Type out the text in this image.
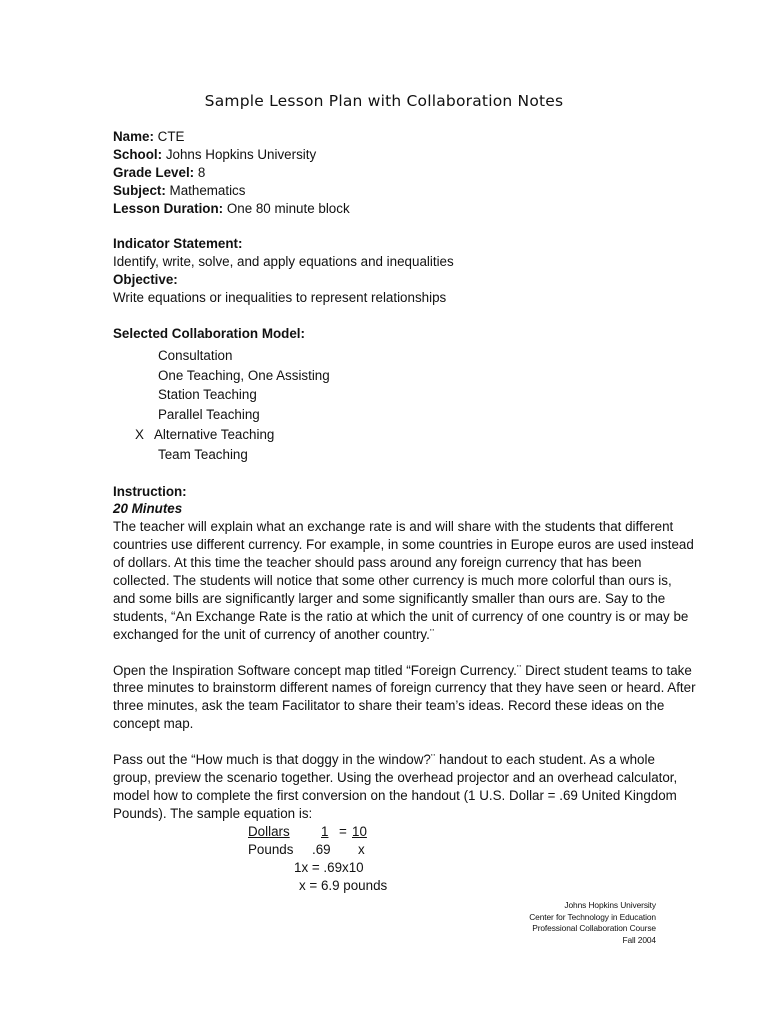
Sample Lesson Plan with Collaboration Notes
Name: CTE
School: Johns Hopkins University
Grade Level: 8
Subject: Mathematics
Lesson Duration: One 80 minute block
Indicator Statement:
Identify, write, solve, and apply equations and inequalities
Objective:
Write equations or inequalities to represent relationships
Selected Collaboration Model:
Consultation
One Teaching, One Assisting
Station Teaching
Parallel Teaching
X Alternative Teaching
Team Teaching
Instruction:
20 Minutes
The teacher will explain what an exchange rate is and will share with the students that different
countries use different currency. For example, in some countries in Europe euros are used instead
of dollars. At this time the teacher should pass around any foreign currency that has been
collected. The students will notice that some other currency is much more colorful than ours is,
and some bills are significantly larger and some significantly smaller than ours are. Say to the
students, “An Exchange Rate is the ratio at which the unit of currency of one country is or may be
exchanged for the unit of currency of another country.¨
Open the Inspiration Software concept map titled “Foreign Currency.¨ Direct student teams to take
three minutes to brainstorm different names of foreign currency that they have seen or heard. After
three minutes, ask the team Facilitator to share their team’s ideas. Record these ideas on the
concept map.
Pass out the “How much is that doggy in the window?¨ handout to each student. As a whole
group, preview the scenario together. Using the overhead projector and an overhead calculator,
model how to complete the first conversion on the handout (1 U.S. Dollar = .69 United Kingdom
Pounds). The sample equation is:
Dollars 1 = 10
Pounds .69 x
1x = .69x10
x = 6.9 pounds
Johns Hopkins University
Center for Technology in Education
Professional Collaboration Course
Fall 2004
